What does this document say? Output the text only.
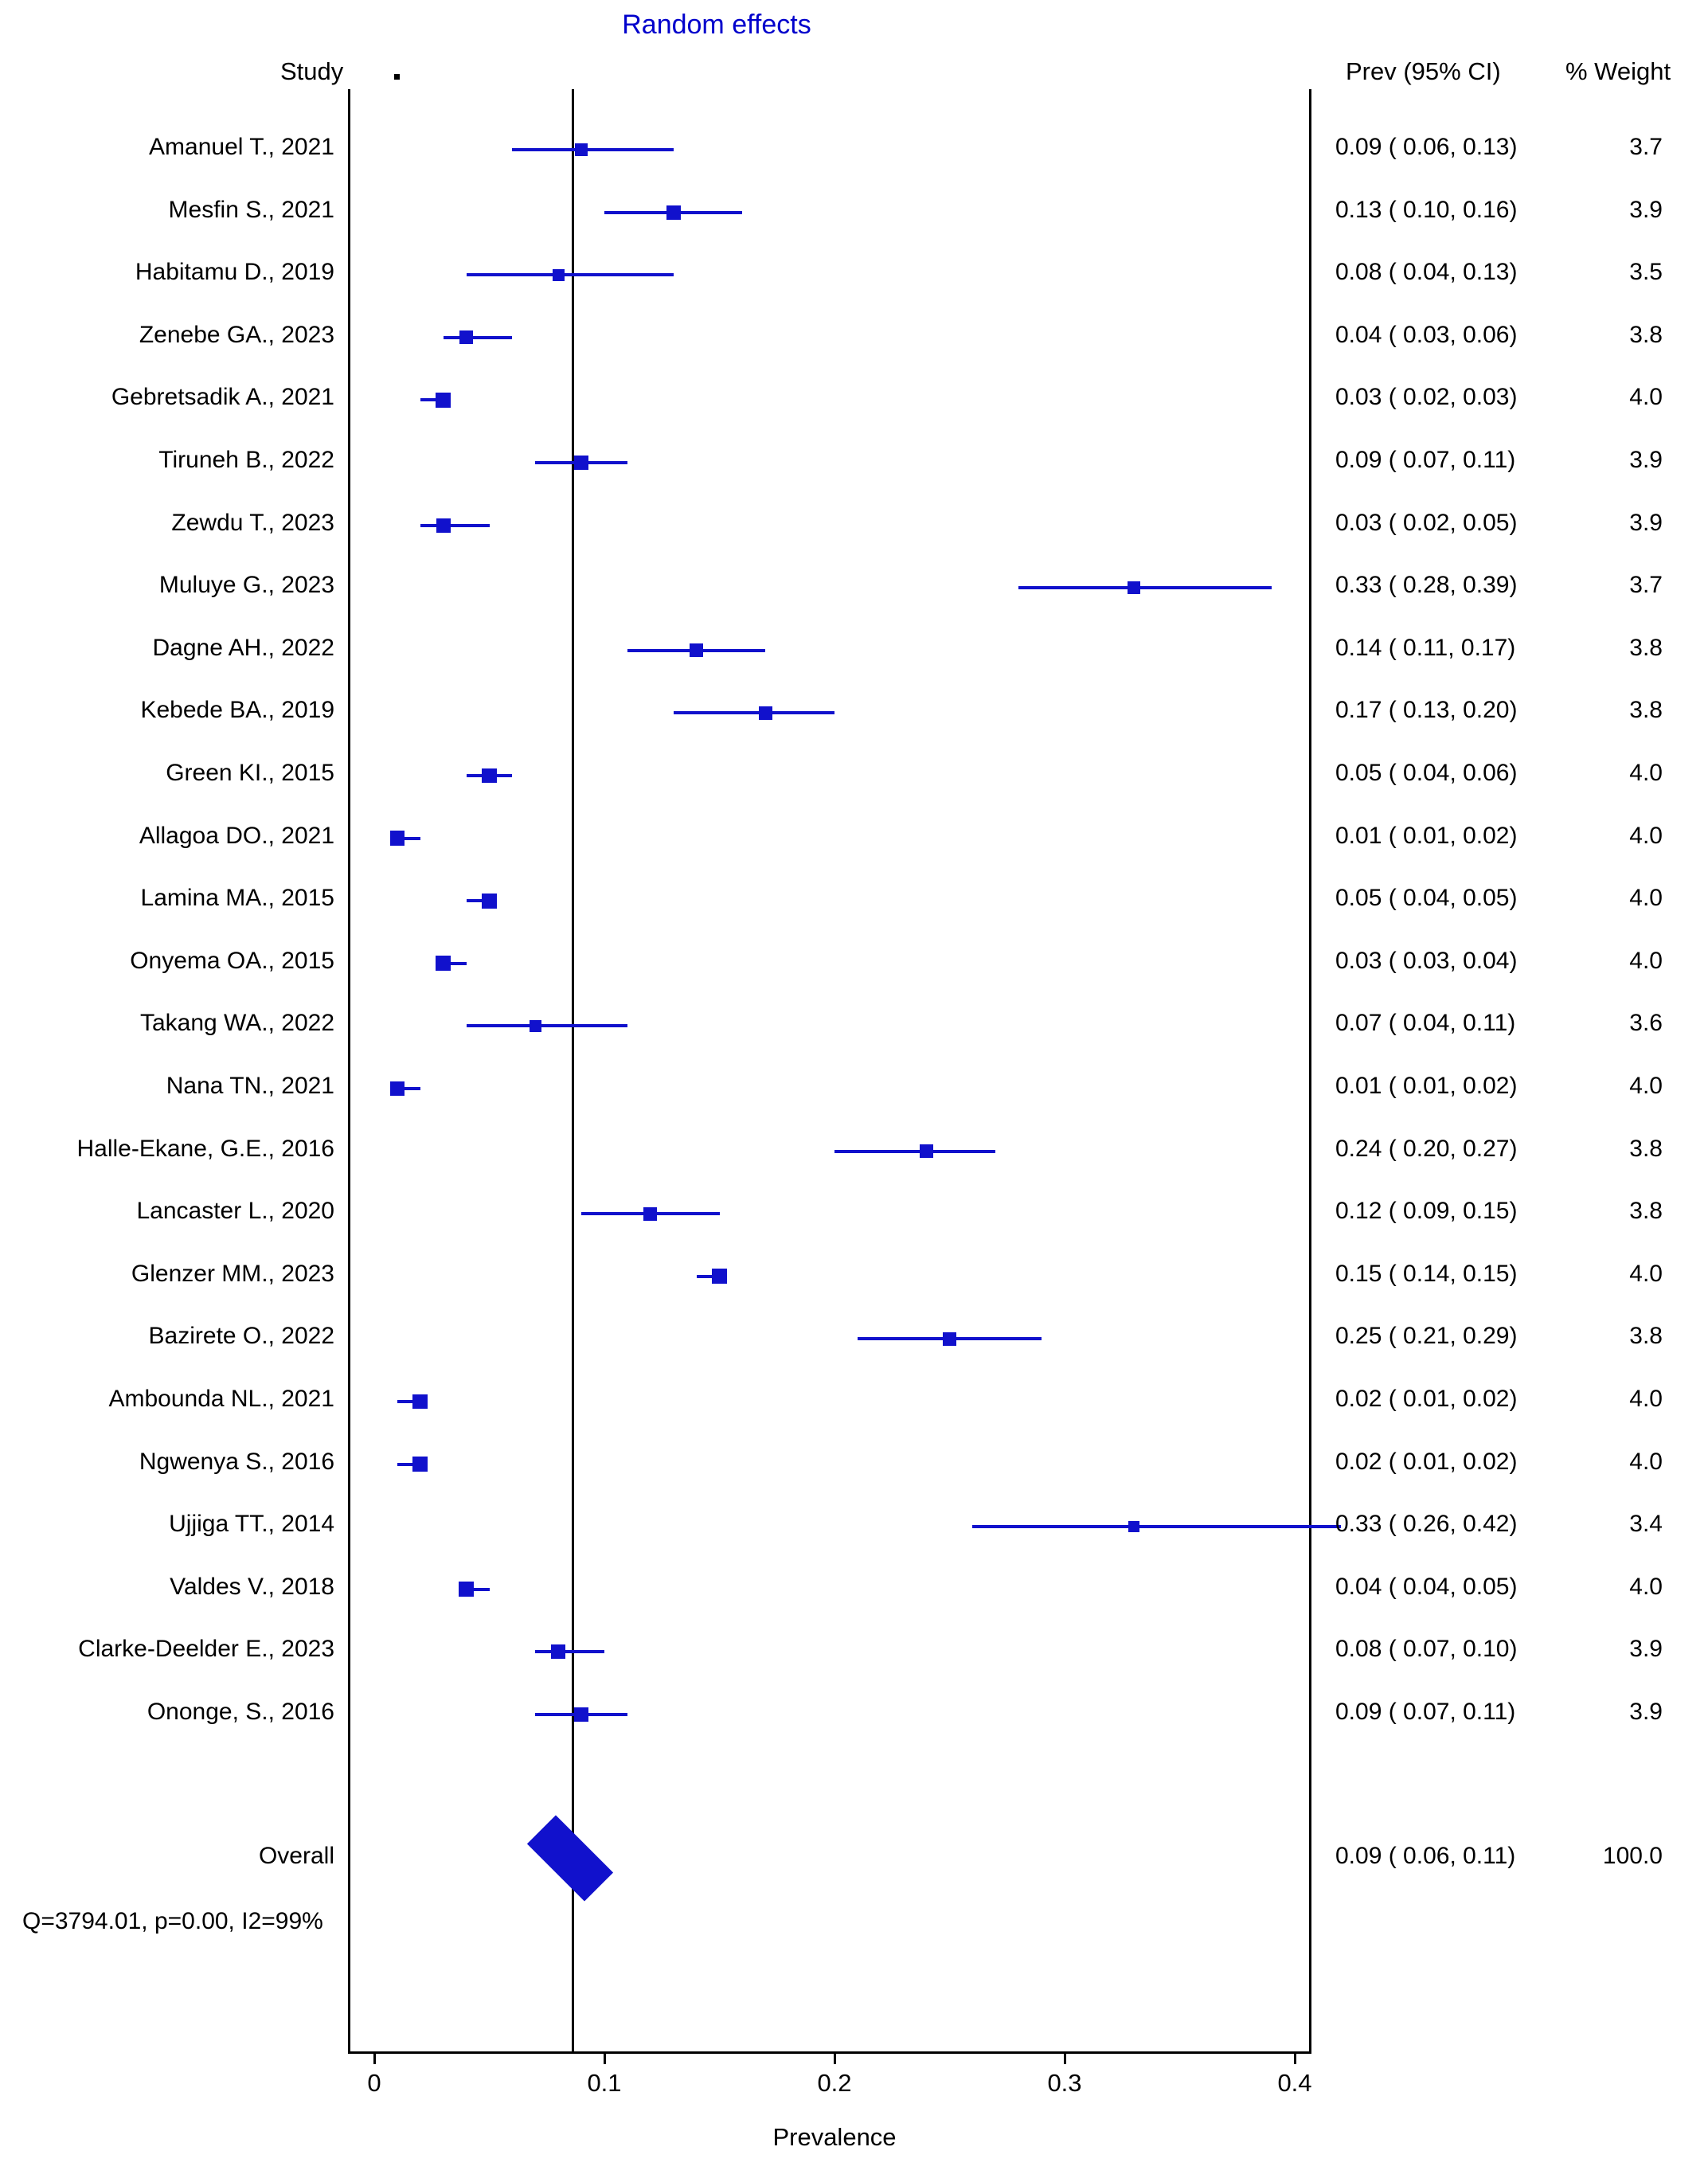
Random effects
Study	Prev (95% CI)	% Weight
Amanuel T., 2021	0.09 ( 0.06, 0.13)	3.7
Mesfin S., 2021	0.13 ( 0.10, 0.16)	3.9
Habitamu D., 2019	0.08 ( 0.04, 0.13)	3.5
Zenebe GA., 2023	0.04 ( 0.03, 0.06)	3.8
Gebretsadik A., 2021	0.03 ( 0.02, 0.03)	4.0
Tiruneh B., 2022	0.09 ( 0.07, 0.11)	3.9
Zewdu T., 2023	0.03 ( 0.02, 0.05)	3.9
Muluye G., 2023	0.33 ( 0.28, 0.39)	3.7
Dagne AH., 2022	0.14 ( 0.11, 0.17)	3.8
Kebede BA., 2019	0.17 ( 0.13, 0.20)	3.8
Green KI., 2015	0.05 ( 0.04, 0.06)	4.0
Allagoa DO., 2021	0.01 ( 0.01, 0.02)	4.0
Lamina MA., 2015	0.05 ( 0.04, 0.05)	4.0
Onyema OA., 2015	0.03 ( 0.03, 0.04)	4.0
Takang WA., 2022	0.07 ( 0.04, 0.11)	3.6
Nana TN., 2021	0.01 ( 0.01, 0.02)	4.0
Halle-Ekane, G.E., 2016	0.24 ( 0.20, 0.27)	3.8
Lancaster L., 2020	0.12 ( 0.09, 0.15)	3.8
Glenzer MM., 2023	0.15 ( 0.14, 0.15)	4.0
Bazirete O., 2022	0.25 ( 0.21, 0.29)	3.8
Ambounda NL., 2021	0.02 ( 0.01, 0.02)	4.0
Ngwenya S., 2016	0.02 ( 0.01, 0.02)	4.0
Ujjiga TT., 2014	0.33 ( 0.26, 0.42)	3.4
Valdes V., 2018	0.04 ( 0.04, 0.05)	4.0
Clarke-Deelder E., 2023	0.08 ( 0.07, 0.10)	3.9
Ononge, S., 2016	0.09 ( 0.07, 0.11)	3.9
Overall	0.09 ( 0.06, 0.11)	100.0
Q=3794.01, p=0.00, I2=99%
0	0.1	0.2	0.3	0.4
Prevalence
